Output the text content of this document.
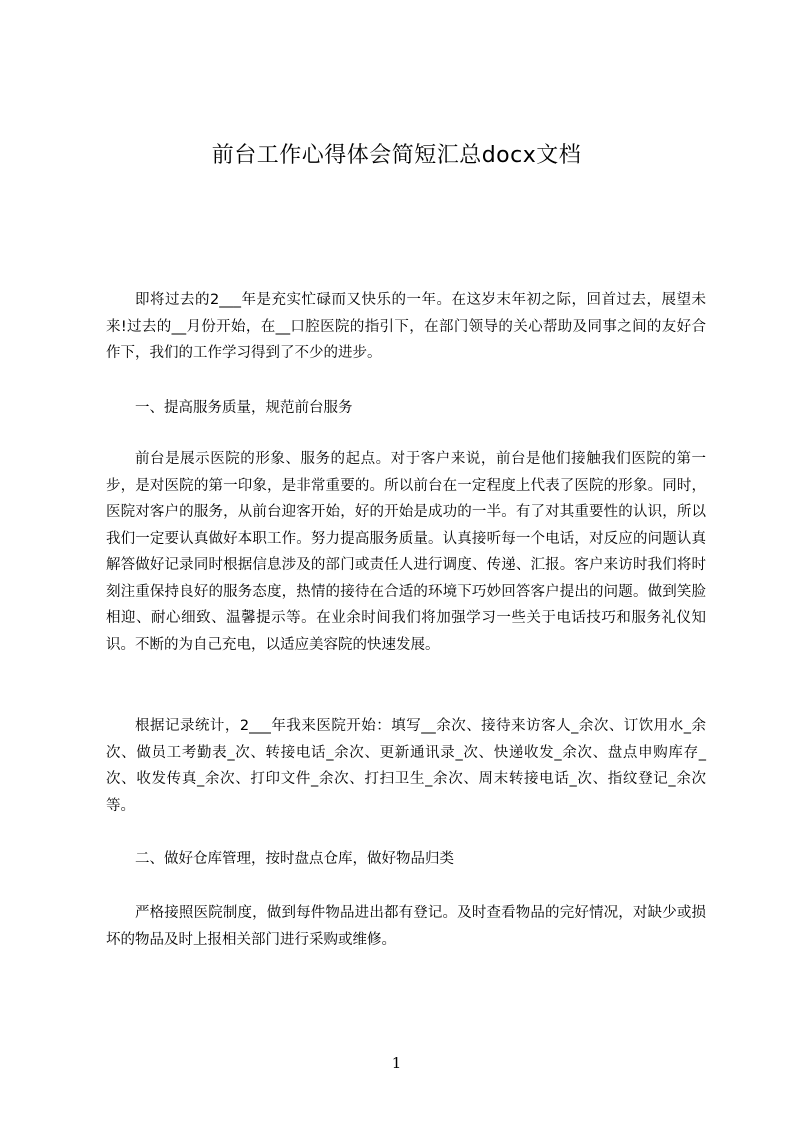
前台工作心得体会简短汇总docx文档

即将过去的2___年是充实忙碌而又快乐的一年。在这岁末年初之际，回首过去，展望未来!过去的__月份开始，在__口腔医院的指引下，在部门领导的关心帮助及同事之间的友好合作下，我们的工作学习得到了不少的进步。

一、提高服务质量，规范前台服务

前台是展示医院的形象、服务的起点。对于客户来说，前台是他们接触我们医院的第一步，是对医院的第一印象，是非常重要的。所以前台在一定程度上代表了医院的形象。同时，医院对客户的服务，从前台迎客开始，好的开始是成功的一半。有了对其重要性的认识，所以我们一定要认真做好本职工作。努力提高服务质量。认真接听每一个电话，对反应的问题认真解答做好记录同时根据信息涉及的部门或责任人进行调度、传递、汇报。客户来访时我们将时刻注重保持良好的服务态度，热情的接待在合适的环境下巧妙回答客户提出的问题。做到笑脸相迎、耐心细致、温馨提示等。在业余时间我们将加强学习一些关于电话技巧和服务礼仪知识。不断的为自己充电，以适应美容院的快速发展。

根据记录统计，2___年我来医院开始：填写__余次、接待来访客人_余次、订饮用水_余次、做员工考勤表_次、转接电话_余次、更新通讯录_次、快递收发_余次、盘点申购库存_次、收发传真_余次、打印文件_余次、打扫卫生_余次、周末转接电话_次、指纹登记_余次等。

二、做好仓库管理，按时盘点仓库，做好物品归类

严格接照医院制度，做到每件物品进出都有登记。及时查看物品的完好情况，对缺少或损坏的物品及时上报相关部门进行采购或维修。

1
